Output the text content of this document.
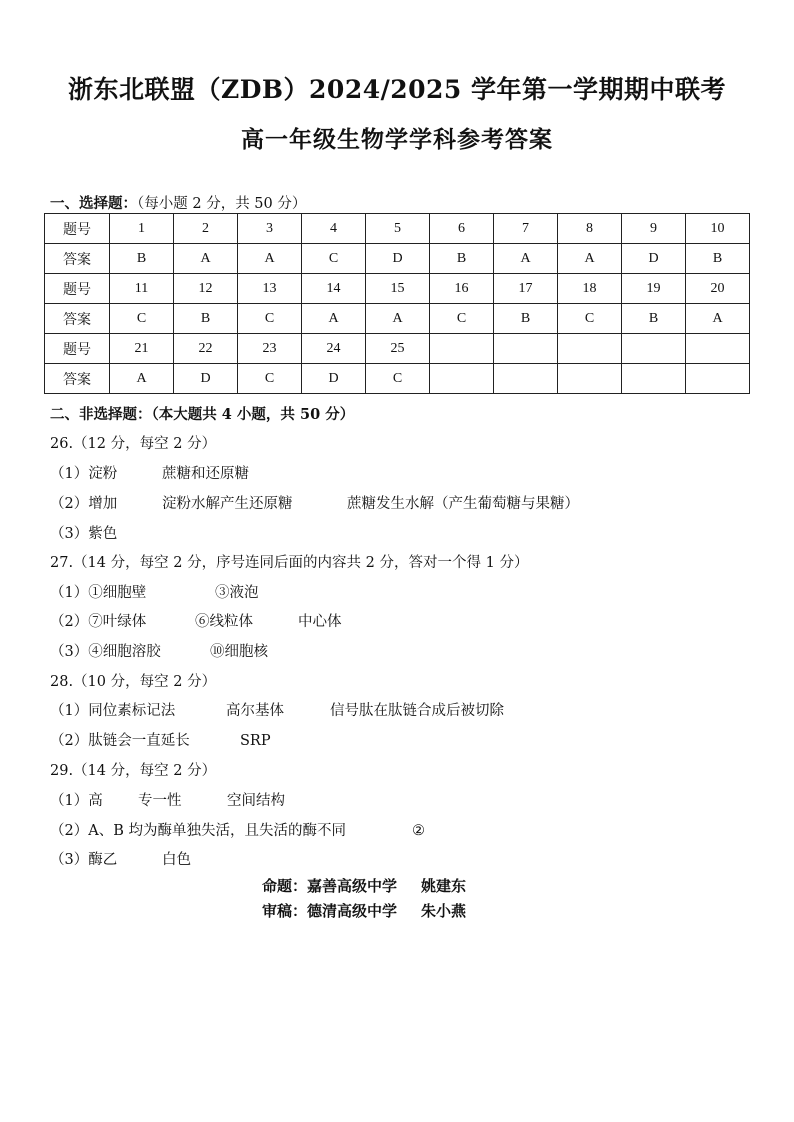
浙东北联盟（ZDB）2024/2025 学年第一学期期中联考
高一年级生物学学科参考答案
一、选择题：（每小题 2 分，共 50 分）
题号	1	2	3	4	5	6	7	8	9	10
答案	B	A	A	C	D	B	A	A	D	B
题号	11	12	13	14	15	16	17	18	19	20
答案	C	B	C	A	A	C	B	C	B	A
题号	21	22	23	24	25					
答案	A	D	C	D	C					
二、非选择题：（本大题共 4 小题，共 50 分）
26.（12 分，每空 2 分）
（1）淀粉	蔗糖和还原糖
（2）增加	淀粉水解产生还原糖	蔗糖发生水解（产生葡萄糖与果糖）
（3）紫色
27.（14 分，每空 2 分，序号连同后面的内容共 2 分，答对一个得 1 分）
（1）①细胞壁	③液泡
（2）⑦叶绿体	⑥线粒体	中心体
（3）④细胞溶胶	⑩细胞核
28.（10 分，每空 2 分）
（1）同位素标记法	高尔基体	信号肽在肽链合成后被切除
（2）肽链会一直延长	SRP
29.（14 分，每空 2 分）
（1）高 专一性	空间结构
（2）A、B 均为酶单独失活，且失活的酶不同	②
（3）酶乙	白色
命题：嘉善高级中学 姚建东
审稿：德清高级中学 朱小燕
